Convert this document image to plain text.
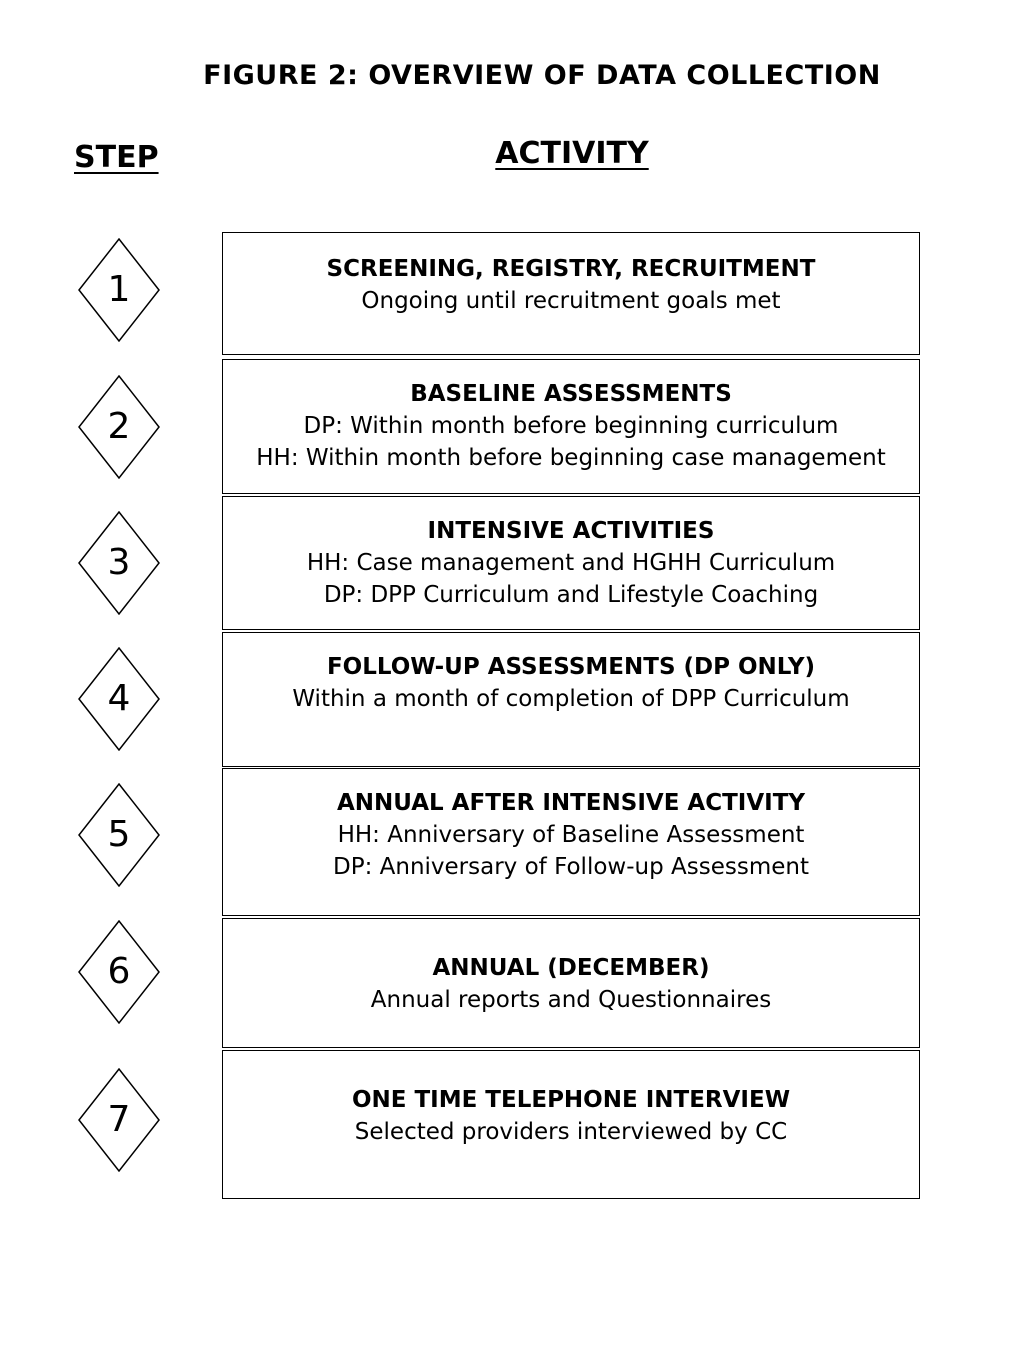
FIGURE 2: OVERVIEW OF DATA COLLECTION
STEP	ACTIVITY
1
2
3
4
5
6
7
SCREENING, REGISTRY, RECRUITMENT
Ongoing until recruitment goals met
BASELINE ASSESSMENTS
DP: Within month before beginning curriculum
HH: Within month before beginning case management
INTENSIVE ACTIVITIES
HH: Case management and HGHH Curriculum
DP: DPP Curriculum and Lifestyle Coaching
FOLLOW-UP ASSESSMENTS (DP ONLY)
Within a month of completion of DPP Curriculum
ANNUAL AFTER INTENSIVE ACTIVITY
HH: Anniversary of Baseline Assessment
DP: Anniversary of Follow-up Assessment
ANNUAL (DECEMBER)
Annual reports and Questionnaires
ONE TIME TELEPHONE INTERVIEW
Selected providers interviewed by CC
